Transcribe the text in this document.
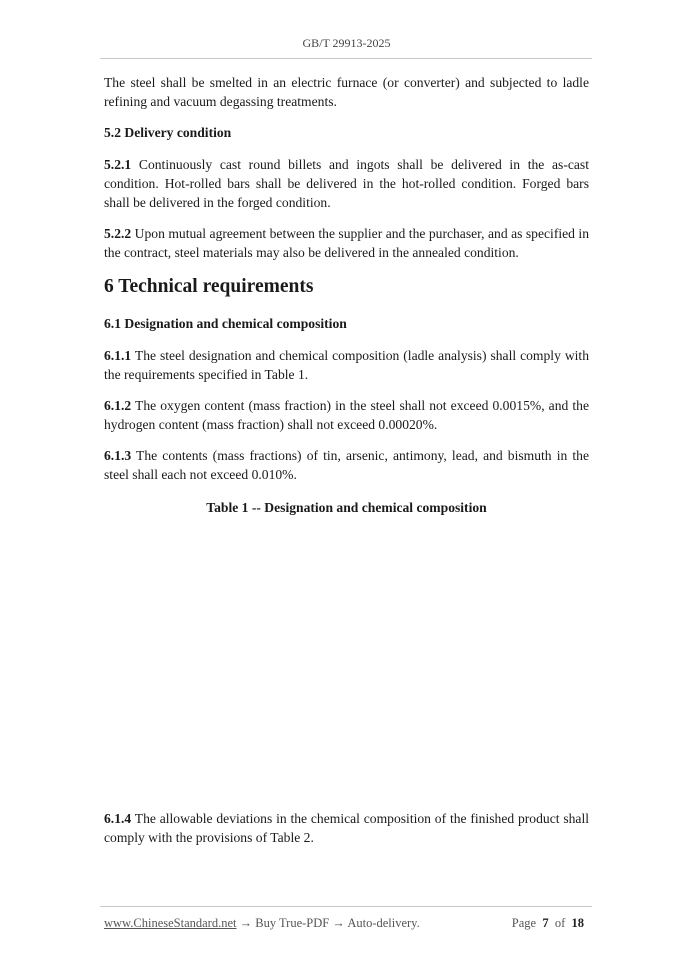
GB/T 29913-2025

The steel shall be smelted in an electric furnace (or converter) and subjected to ladle refining and vacuum degassing treatments.

5.2 Delivery condition

5.2.1 Continuously cast round billets and ingots shall be delivered in the as-cast condition. Hot-rolled bars shall be delivered in the hot-rolled condition. Forged bars shall be delivered in the forged condition.

5.2.2 Upon mutual agreement between the supplier and the purchaser, and as specified in the contract, steel materials may also be delivered in the annealed condition.

6 Technical requirements

6.1 Designation and chemical composition

6.1.1 The steel designation and chemical composition (ladle analysis) shall comply with the requirements specified in Table 1.

6.1.2 The oxygen content (mass fraction) in the steel shall not exceed 0.0015%, and the hydrogen content (mass fraction) shall not exceed 0.00020%.

6.1.3 The contents (mass fractions) of tin, arsenic, antimony, lead, and bismuth in the steel shall each not exceed 0.010%.

Table 1 -- Designation and chemical composition

6.1.4 The allowable deviations in the chemical composition of the finished product shall comply with the provisions of Table 2.

www.ChineseStandard.net → Buy True-PDF → Auto-delivery.	Page 7 of 18
